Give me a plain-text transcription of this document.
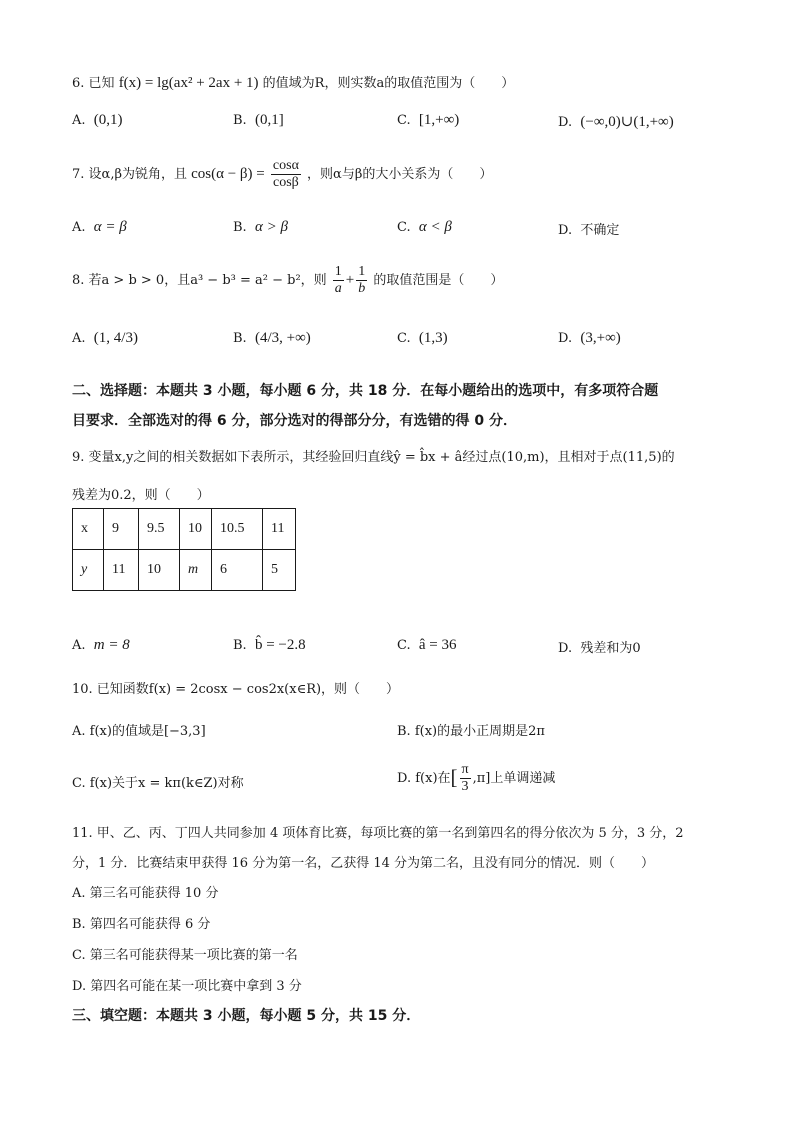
6. 已知 f(x) = lg(ax² + 2ax + 1) 的值域为R，则实数a的取值范围为（　　）
A. (0,1)	B. (0,1]	C. [1,+∞)	D. (−∞,0)∪(1,+∞)
7. 设α,β为锐角，且 $\cos(\alpha - \beta) = \frac{\cos\alpha}{\cos\beta}$ ，则α与β的大小关系为（　　）
A. α = β	B. α > β	C. α < β	D. 不确定
8. 若a > b > 0，且a³ − b³ = a² − b²，则 $\frac{1}{a} + \frac{1}{b}$ 的取值范围是（　　）
A. (1, 4/3)	B. (4/3, +∞)	C. (1,3)	D. (3,+∞)
二、选择题：本题共 3 小题，每小题 6 分，共 18 分．在每小题给出的选项中，有多项符合题
目要求．全部选对的得 6 分，部分选对的得部分分，有选错的得 0 分．
9. 变量x,y之间的相关数据如下表所示，其经验回归直线ŷ = b̂x + â经过点(10,m)，且相对于点(11,5)的
残差为0.2，则（　　）
x	9	9.5	10	10.5	11
y	11	10	m	6	5
A. m = 8	B. b̂ = −2.8	C. â = 36	D. 残差和为0
10. 已知函数f(x) = 2cosx − cos2x(x∈R)，则（　　）
A. f(x)的值域是[−3,3]	B. f(x)的最小正周期是2π
C. f(x)关于x = kπ(k∈Z)对称	D. f(x)在[ $\frac{\pi}{3} ,\pi$]上单调递减
11. 甲、乙、丙、丁四人共同参加 4 项体育比赛，每项比赛的第一名到第四名的得分依次为 5 分，3 分，2
分，1 分．比赛结束甲获得 16 分为第一名，乙获得 14 分为第二名，且没有同分的情况．则（　　）
A. 第三名可能获得 10 分
B. 第四名可能获得 6 分
C. 第三名可能获得某一项比赛的第一名
D. 第四名可能在某一项比赛中拿到 3 分
三、填空题：本题共 3 小题，每小题 5 分，共 15 分．
